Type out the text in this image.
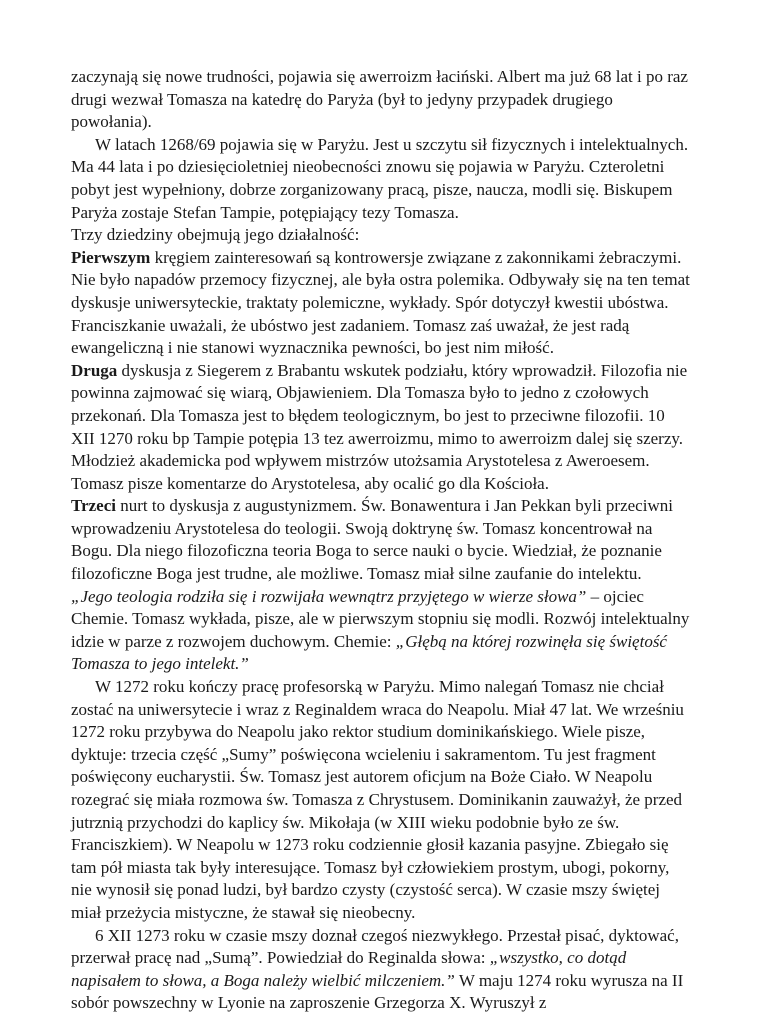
zaczynają się nowe trudności, pojawia się awerroizm łaciński. Albert ma już 68 lat i po raz drugi wezwał Tomasza na katedrę do Paryża (był to jedyny przypadek drugiego powołania).

W latach 1268/69 pojawia się w Paryżu. Jest u szczytu sił fizycznych i intelektualnych. Ma 44 lata i po dziesięcioletniej nieobecności znowu się pojawia w Paryżu. Czteroletni pobyt jest wypełniony, dobrze zorganizowany pracą, pisze, naucza, modli się. Biskupem Paryża zostaje Stefan Tampie, potępiający tezy Tomasza.

Trzy dziedziny obejmują jego działalność:

Pierwszym kręgiem zainteresowań są kontrowersje związane z zakonnikami żebraczymi. Nie było napadów przemocy fizycznej, ale była ostra polemika. Odbywały się na ten temat dyskusje uniwersyteckie, traktaty polemiczne, wykłady. Spór dotyczył kwestii ubóstwa. Franciszkanie uważali, że ubóstwo jest zadaniem. Tomasz zaś uważał, że jest radą ewangeliczną i nie stanowi wyznacznika pewności, bo jest nim miłość.

Druga dyskusja z Siegerem z Brabantu wskutek podziału, który wprowadził. Filozofia nie powinna zajmować się wiarą, Objawieniem. Dla Tomasza było to jedno z czołowych przekonań. Dla Tomasza jest to błędem teologicznym, bo jest to przeciwne filozofii. 10 XII 1270 roku bp Tampie potępia 13 tez awerroizmu, mimo to awerroizm dalej się szerzy. Młodzież akademicka pod wpływem mistrzów utożsamia Arystotelesa z Aweroesem. Tomasz pisze komentarze do Arystotelesa, aby ocalić go dla Kościoła.

Trzeci nurt to dyskusja z augustynizmem. Św. Bonawentura i Jan Pekkan byli przeciwni wprowadzeniu Arystotelesa do teologii. Swoją doktrynę św. Tomasz koncentrował na Bogu. Dla niego filozoficzna teoria Boga to serce nauki o bycie. Wiedział, że poznanie filozoficzne Boga jest trudne, ale możliwe. Tomasz miał silne zaufanie do intelektu.

„Jego teologia rodziła się i rozwijała wewnątrz przyjętego w wierze słowa” – ojciec Chemie. Tomasz wykłada, pisze, ale w pierwszym stopniu się modli. Rozwój intelektualny idzie w parze z rozwojem duchowym. Chemie: „Głębą na której rozwinęła się świętość Tomasza to jego intelekt.”

W 1272 roku kończy pracę profesorską w Paryżu. Mimo nalegań Tomasz nie chciał zostać na uniwersytecie i wraz z Reginaldem wraca do Neapolu. Miał 47 lat. We wrześniu 1272 roku przybywa do Neapolu jako rektor studium dominikańskiego. Wiele pisze, dyktuje: trzecia część „Sumy” poświęcona wcieleniu i sakramentom. Tu jest fragment poświęcony eucharystii. Św. Tomasz jest autorem oficjum na Boże Ciało. W Neapolu rozegrać się miała rozmowa św. Tomasza z Chrystusem. Dominikanin zauważył, że przed jutrznią przychodzi do kaplicy św. Mikołaja (w XIII wieku podobnie było ze św. Franciszkiem). W Neapolu w 1273 roku codziennie głosił kazania pasyjne. Zbiegało się tam pół miasta tak były interesujące. Tomasz był człowiekiem prostym, ubogi, pokorny, nie wynosił się ponad ludzi, był bardzo czysty (czystość serca). W czasie mszy świętej miał przeżycia mistyczne, że stawał się nieobecny.

6 XII 1273 roku w czasie mszy doznał czegoś niezwykłego. Przestał pisać, dyktować, przerwał pracę nad „Sumą”. Powiedział do Reginalda słowa: „wszystko, co dotąd napisałem to słowa, a Boga należy wielbić milczeniem.” W maju 1274 roku wyrusza na II sobór powszechny w Lyonie na zaproszenie Grzegorza X. Wyruszył z
